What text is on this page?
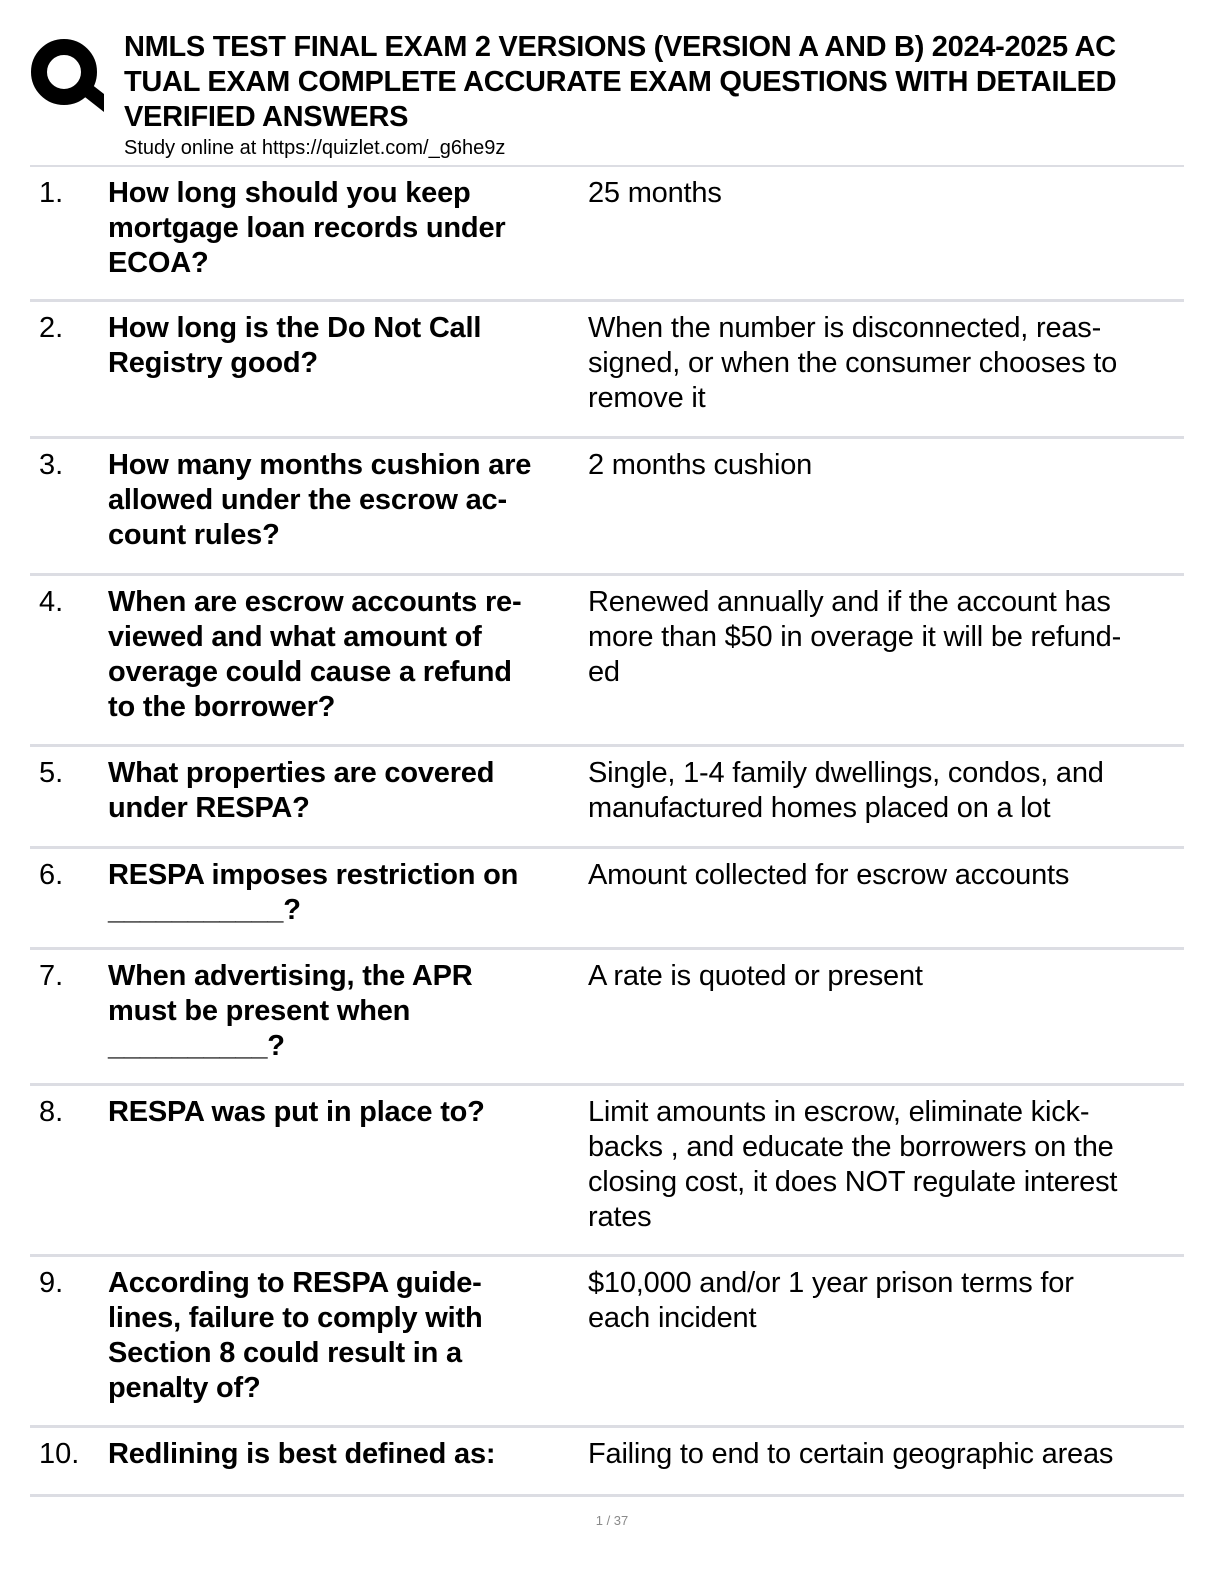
NMLS TEST FINAL EXAM 2 VERSIONS (VERSION A AND B) 2024-2025 AC
TUAL EXAM COMPLETE ACCURATE EXAM QUESTIONS WITH DETAILED
VERIFIED ANSWERS
Study online at https://quizlet.com/_g6he9z
1. How long should you keep
mortgage loan records under
ECOA?
25 months
2. How long is the Do Not Call
Registry good?
When the number is disconnected, reas-
signed, or when the consumer chooses to
remove it
3. How many months cushion are
allowed under the escrow ac-
count rules?
2 months cushion
4. When are escrow accounts re-
viewed and what amount of
overage could cause a refund
to the borrower?
Renewed annually and if the account has
more than $50 in overage it will be refund-
ed
5. What properties are covered
under RESPA?
Single, 1-4 family dwellings, condos, and
manufactured homes placed on a lot
6. RESPA imposes restriction on
___________?
Amount collected for escrow accounts
7. When advertising, the APR
must be present when
__________?
A rate is quoted or present
8. RESPA was put in place to?	Limit amounts in escrow, eliminate kick-
backs , and educate the borrowers on the
closing cost, it does NOT regulate interest
rates
9. According to RESPA guide-
lines, failure to comply with
Section 8 could result in a
penalty of?
$10,000 and/or 1 year prison terms for
each incident
10. Redlining is best defined as:	Failing to end to certain geographic areas
1 / 37
